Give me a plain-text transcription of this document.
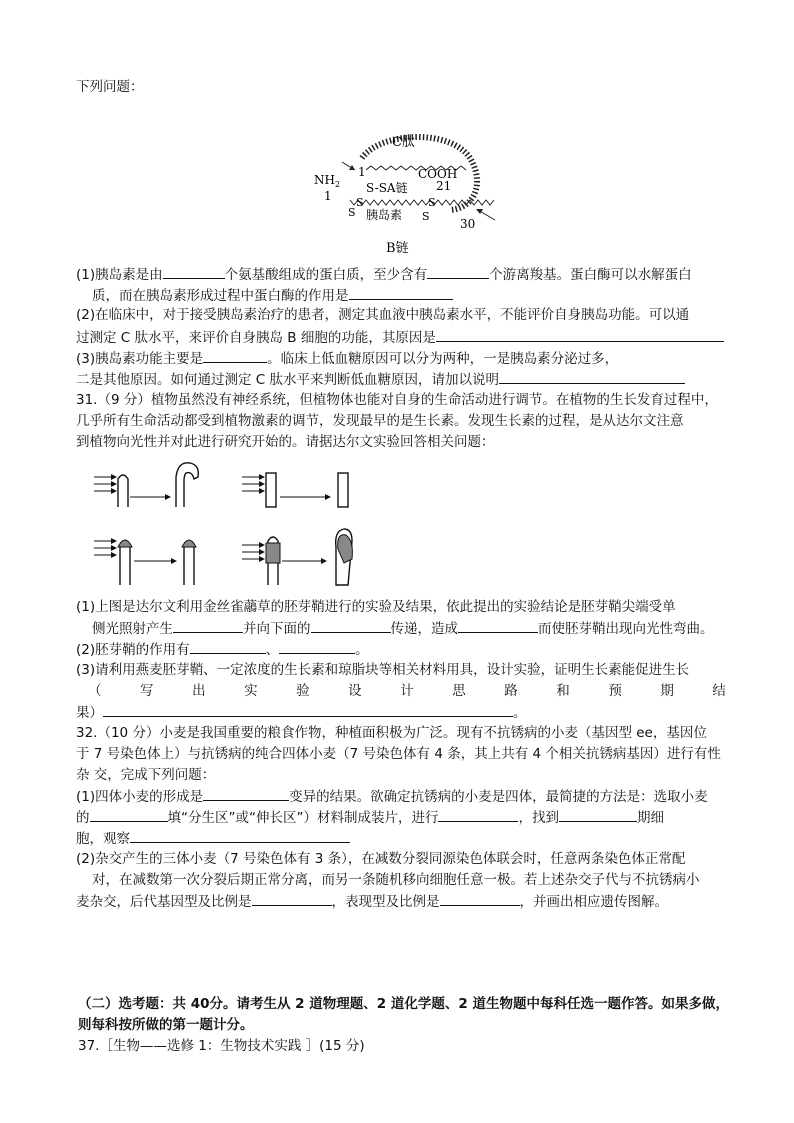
下列问题：
C肽
COOH
NH 2
1
21
1
30
S-SA链
S
S
S
S
胰岛素
B链
(1)胰岛素是由	个氨基酸组成的蛋白质，至少含有	个游离羧基。蛋白酶可以水解蛋白
质，而在胰岛素形成过程中蛋白酶的作用是
(2)在临床中，对于接受胰岛素治疗的患者，测定其血液中胰岛素水平，不能评价自身胰岛功能。可以通
过测定 C 肽水平，来评价自身胰岛 B 细胞的功能，其原因是
(3)胰岛素功能主要是	。临床上低血糖原因可以分为两种，一是胰岛素分泌过多，
二是其他原因。如何通过测定 C 肽水平来判断低血糖原因，请加以说明
31.（9 分）植物虽然没有神经系统，但植物体也能对自身的生命活动进行调节。在植物的生长发育过程中，
几乎所有生命活动都受到植物激素的调节，发现最早的是生长素。发现生长素的过程，是从达尔文注意
到植物向光性并对此进行研究开始的。请据达尔文实验回答相关问题：
(1)上图是达尔文利用金丝雀虉草的胚芽鞘进行的实验及结果，依此提出的实验结论是胚芽鞘尖端受单
侧光照射产生	并向下面的	传递，造成	而使胚芽鞘出现向光性弯曲。
(2)胚芽鞘的作用有	、	。
(3)请利用燕麦胚芽鞘、一定浓度的生长素和琼脂块等相关材料用具，设计实验，证明生长素能促进生长
（	写	出	实	验	设	计	思	路	和	预	期	结
果）	。
32.（10 分）小麦是我国重要的粮食作物，种植面积极为广泛。现有不抗锈病的小麦（基因型 ee，基因位
于 7 号染色体上）与抗锈病的纯合四体小麦（7 号染色体有 4 条，其上共有 4 个相关抗锈病基因）进行有性
杂 交，完成下列问题：
(1)四体小麦的形成是	变异的结果。欲确定抗锈病的小麦是四体，最简捷的方法是：选取小麦
的	填“分生区”或“伸长区”）材料制成装片，进行	，找到	期细
胞，观察
(2)杂交产生的三体小麦（7 号染色体有 3 条），在减数分裂同源染色体联会时，任意两条染色体正常配
对，在减数第一次分裂后期正常分离，而另一条随机移向细胞任意一极。若上述杂交子代与不抗锈病小
麦杂交，后代基因型及比例是	，表现型及比例是	，并画出相应遗传图解。
（二）选考题：共 40分。请考生从 2 道物理题、2 道化学题、2 道生物题中每科任选一题作答。如果多做，
则每科按所做的第一题计分。
37.［生物——选修 1：生物技术实践 ］(15 分)
